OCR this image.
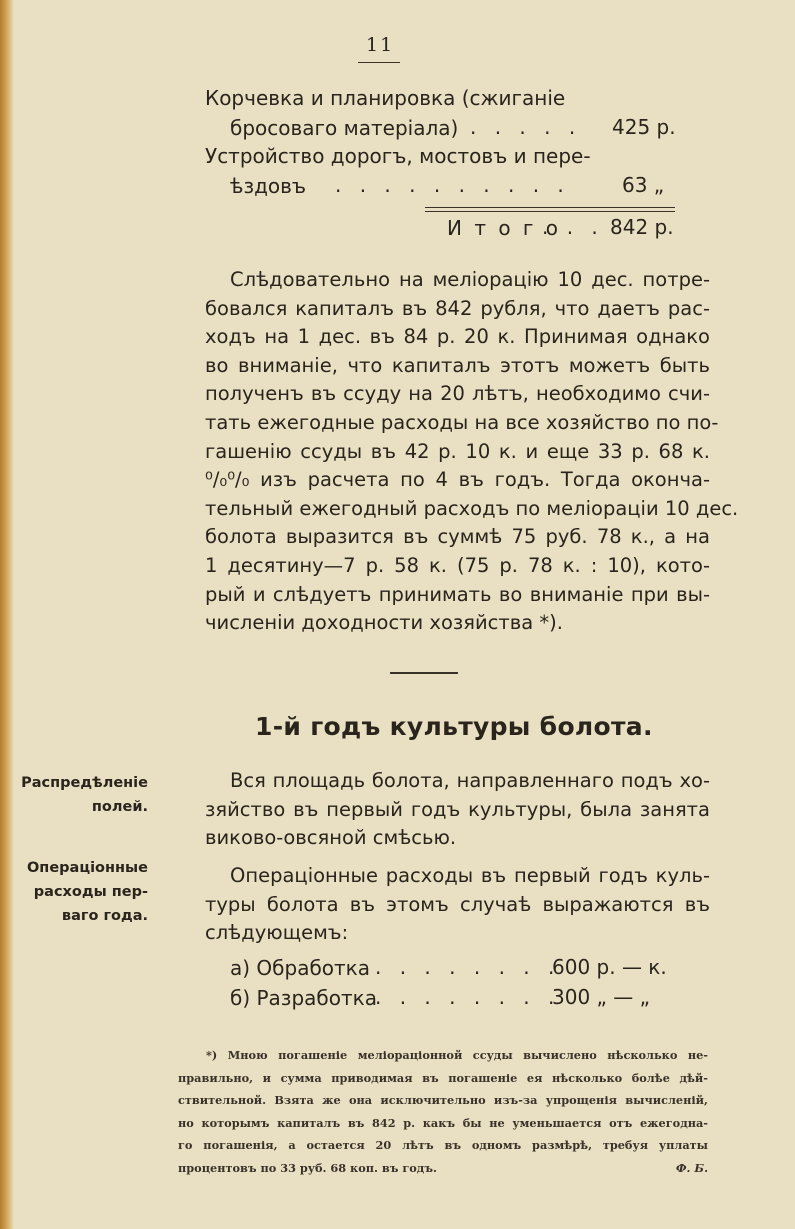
11
Корчевка и планировка (сжиганіе
бросоваго матеріала) . . . . . 425 р.
Устройство дорогъ, мостовъ и пере-
ѣздовъ . . . . . . . . . .	63 „
И т о г о
. . . 842 р.
Слѣдовательно на меліорацію 10 дес. потре-
бовался капиталъ въ 842 рубля, что даетъ рас-
ходъ на 1 дес. въ 84 р. 20 к. Принимая однако
во вниманіе, что капиталъ этотъ можетъ быть
полученъ въ ссуду на 20 лѣтъ, необходимо счи-
тать ежегодные расходы на все хозяйство по по-
гашенію ссуды въ 42 р. 10 к. и еще 33 р. 68 к.
⁰/₀⁰/₀ изъ расчета по 4 въ годъ. Тогда оконча-
тельный ежегодный расходъ по меліораціи 10 дес.
болота выразится въ суммѣ 75 руб. 78 к., а на
1 десятину—7 р. 58 к. (75 р. 78 к. : 10), кото-
рый и слѣдуетъ принимать во вниманіе при вы-
численіи доходности хозяйства *).
1-й годъ культуры болота.
Распредѣленіе
полей.
Операціонные
расходы пер-
ваго года.
Вся площадь болота, направленнаго подъ хо-
зяйство въ первый годъ культуры, была занята
виково-овсяной смѣсью.
Операціонные расходы въ первый годъ куль-
туры болота въ этомъ случаѣ выражаются въ
слѣдующемъ:
а) Обработка . . . . . . . .
600 р. — к.
б) Разработка
. . . . . . . .
300 „ — „
*) Мною погашеніе меліораціонной ссуды вычислено нѣсколько не-
правильно, и сумма приводимая въ погашеніе ея нѣсколько болѣе дѣй-
ствительной. Взята же она исключительно изъ-за упрощенія вычисленій,
но которымъ капиталъ въ 842 р. какъ бы не уменьшается отъ ежегодна-
го погашенія, а остается 20 лѣтъ въ одномъ размѣрѣ, требуя уплаты
процентовъ по 33 руб. 68 коп. въ годъ.	Ф. Б.
